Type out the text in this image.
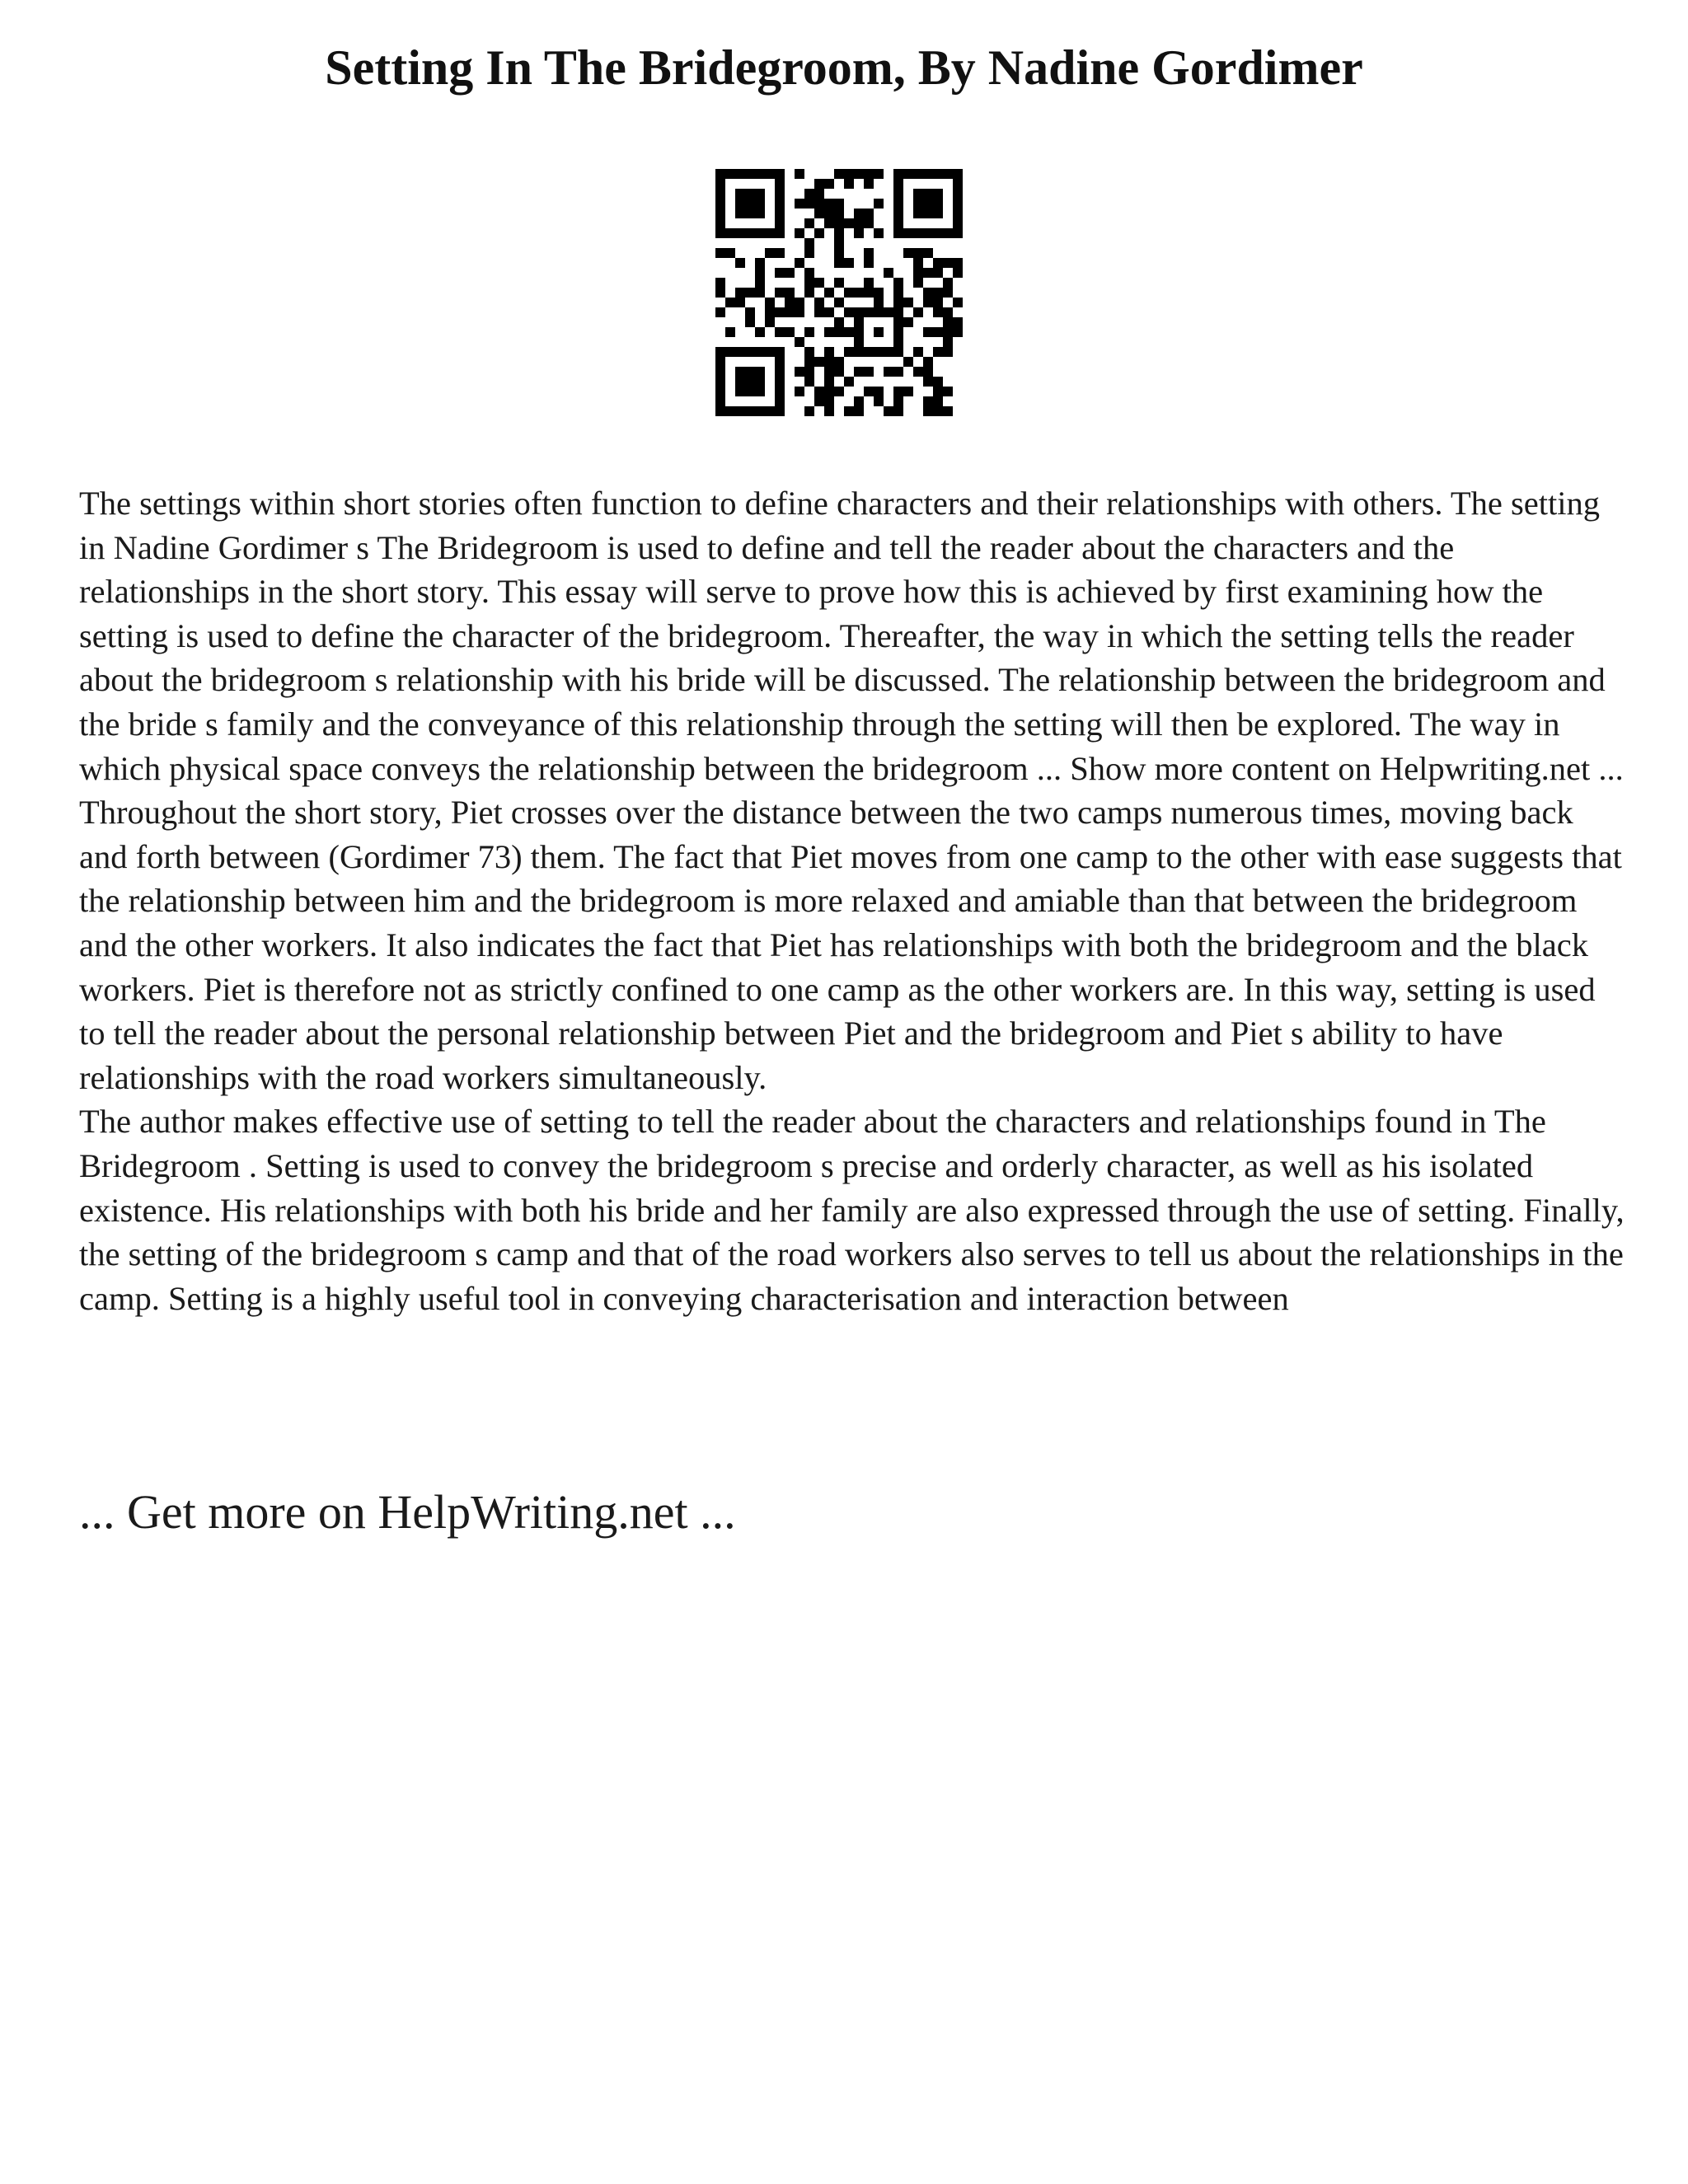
Setting In The Bridegroom, By Nadine Gordimer

The settings within short stories often function to define characters and their relationships with others. The setting in Nadine Gordimer s The Bridegroom is used to define and tell the reader about the characters and the relationships in the short story. This essay will serve to prove how this is achieved by first examining how the setting is used to define the character of the bridegroom. Thereafter, the way in which the setting tells the reader about the bridegroom s relationship with his bride will be discussed. The relationship between the bridegroom and the bride s family and the conveyance of this relationship through the setting will then be explored. The way in which physical space conveys the relationship between the bridegroom ... Show more content on Helpwriting.net ...

Throughout the short story, Piet crosses over the distance between the two camps numerous times, moving back and forth between (Gordimer 73) them. The fact that Piet moves from one camp to the other with ease suggests that the relationship between him and the bridegroom is more relaxed and amiable than that between the bridegroom and the other workers. It also indicates the fact that Piet has relationships with both the bridegroom and the black workers. Piet is therefore not as strictly confined to one camp as the other workers are. In this way, setting is used to tell the reader about the personal relationship between Piet and the bridegroom and Piet s ability to have relationships with the road workers simultaneously.

The author makes effective use of setting to tell the reader about the characters and relationships found in The Bridegroom . Setting is used to convey the bridegroom s precise and orderly character, as well as his isolated existence. His relationships with both his bride and her family are also expressed through the use of setting. Finally, the setting of the bridegroom s camp and that of the road workers also serves to tell us about the relationships in the camp. Setting is a highly useful tool in conveying characterisation and interaction between

... Get more on HelpWriting.net ...
